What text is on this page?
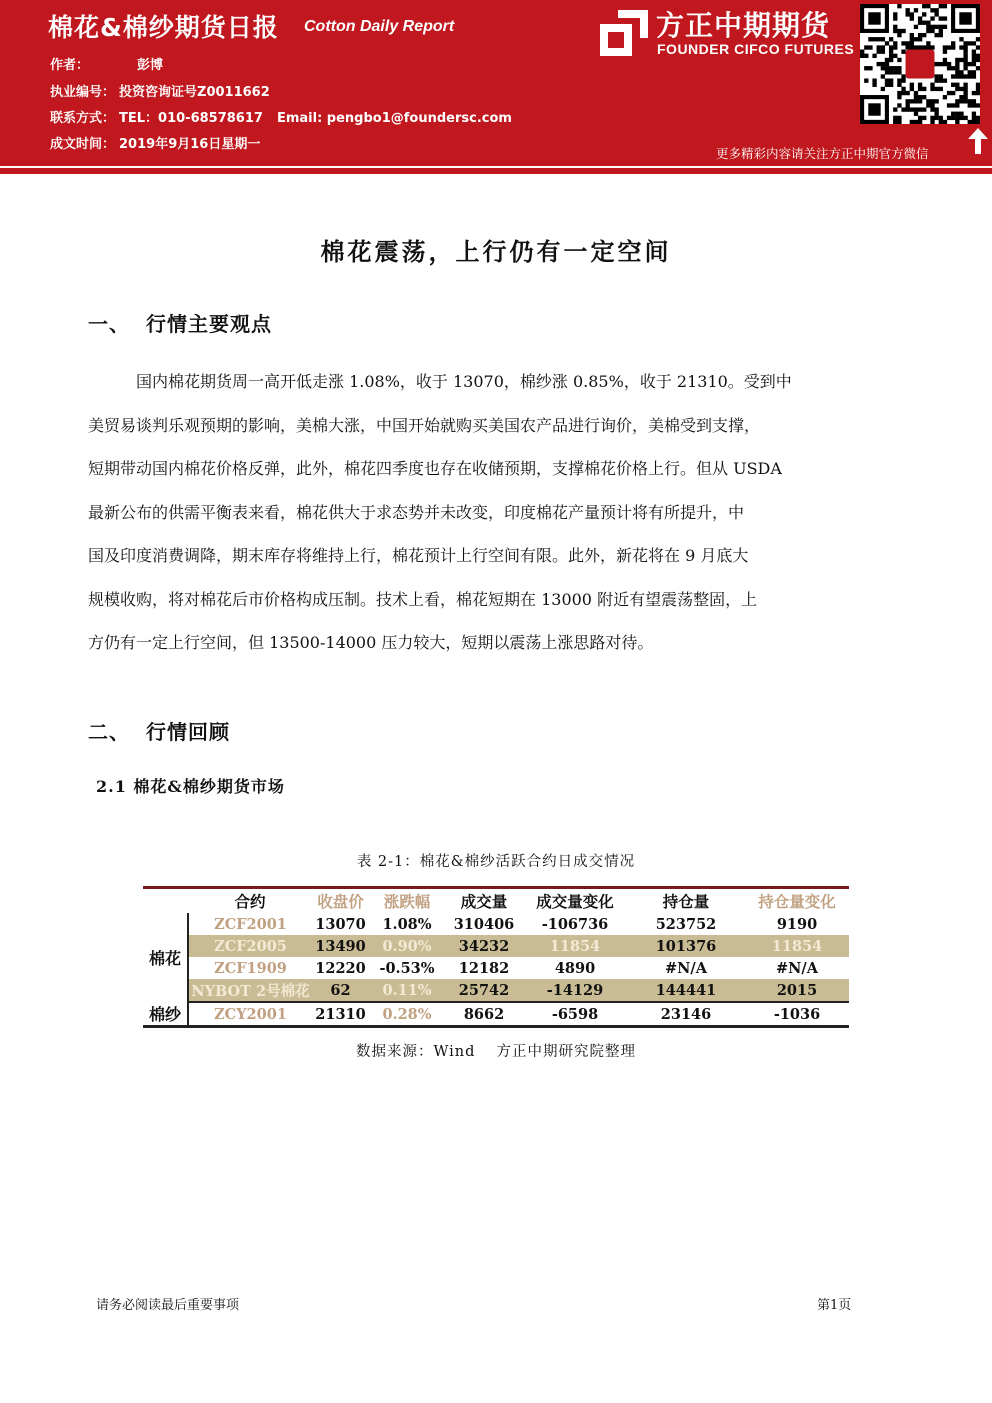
棉花&棉纱期货日报 Cotton Daily Report
作者：	彭博
执业编号： 投资咨询证号Z0011662
联系方式： TEL：010-68578617 Email: pengbo1@foundersc.com
成文时间： 2019年9月16日星期一
方正中期期货
FOUNDER CIFCO FUTURES
更多精彩内容请关注方正中期官方微信
棉花震荡，上行仍有一定空间
一、 行情主要观点
国内棉花期货周一高开低走涨 1.08%，收于 13070，棉纱涨 0.85%，收于 21310。受到中
美贸易谈判乐观预期的影响，美棉大涨，中国开始就购买美国农产品进行询价，美棉受到支撑，
短期带动国内棉花价格反弹，此外，棉花四季度也存在收储预期，支撑棉花价格上行。但从 USDA
最新公布的供需平衡表来看，棉花供大于求态势并未改变，印度棉花产量预计将有所提升，中
国及印度消费调降，期末库存将维持上行，棉花预计上行空间有限。此外，新花将在 9 月底大
规模收购，将对棉花后市价格构成压制。技术上看，棉花短期在 13000 附近有望震荡整固，上
方仍有一定上行空间，但 13500-14000 压力较大，短期以震荡上涨思路对待。
二、 行情回顾
2.1 棉花&棉纱期货市场
表 2-1：棉花&棉纱活跃合约日成交情况
	合约	收盘价	涨跌幅	成交量	成交量变化	持仓量	持仓量变化
棉花	ZCF2001	13070	1.08%	310406	-106736	523752	9190
	ZCF2005	13490	0.90%	34232	11854	101376	11854
	ZCF1909	12220	-0.53%	12182	4890	#N/A	#N/A
	NYBOT 2号棉花	62	0.11%	25742	-14129	144441	2015
棉纱	ZCY2001	21310	0.28%	8662	-6598	23146	-1036
数据来源：Wind　 方正中期研究院整理
请务必阅读最后重要事项	第1页
